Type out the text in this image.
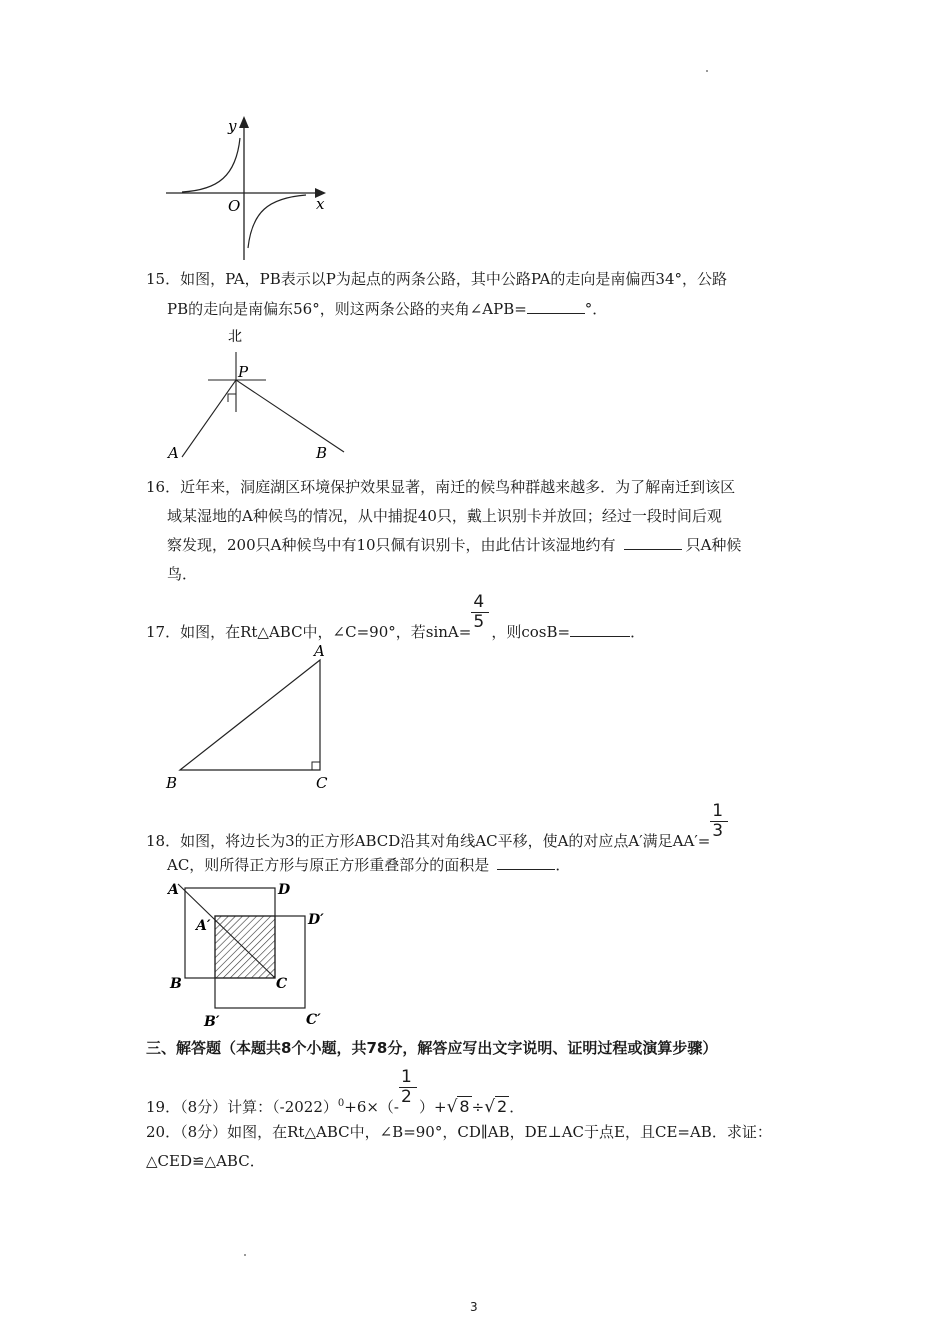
y
x
O
15．如图，PA，PB表示以P为起点的两条公路，其中公路PA的走向是南偏西34°，公路
PB的走向是南偏东56°，则这两条公路的夹角∠APB=	°．
北
P
A	B
16．近年来，洞庭湖区环境保护效果显著，南迁的候鸟种群越来越多．为了解南迁到该区
域某湿地的A种候鸟的情况，从中捕捉40只，戴上识别卡并放回；经过一段时间后观
察发现，200只A种候鸟中有10只佩有识别卡，由此估计该湿地约有	只A种候
鸟．
17．如图，在Rt△ABC中，∠C=90°，若$\sin A= \frac{4}{5}$ ，则cosB=	．
A
B	C
18．如图，将边长为3的正方形ABCD沿其对角线AC平移，使A的对应点A′满足$AA'= \frac{1}{3}$
AC，则所得正方形与原正方形重叠部分的面积是	．
A	D
A′	D′
B	C
B′	C′
三、解答题（本题共8个小题，共78分，解答应写出文字说明、证明过程或演算步骤）
19．（8分）计算：$(-2022)^0+6\times(- \frac{1}{2}$ ）+√ 8 ÷√ 2 ．
20．（8分）如图，在Rt△ABC中，∠B=90°，CD∥AB，DE⊥AC于点E，且CE=AB．求证：
△CED≌△ABC．
3
